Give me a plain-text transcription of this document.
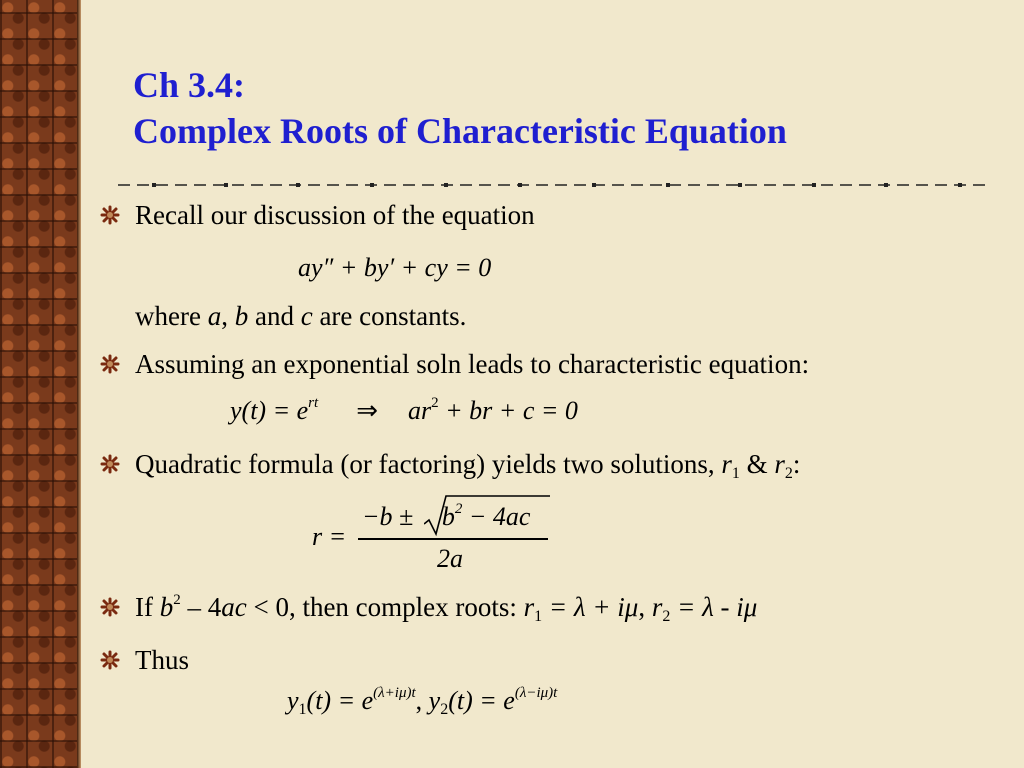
Ch 3.4:
Complex Roots of Characteristic Equation
Recall our discussion of the equation
ay″ + by′ + cy = 0
where a, b and c are constants.
Assuming an exponential soln leads to characteristic equation:
$y(t) = e^{rt}$ ⇒ $ar^2$ + br + c = 0
Quadratic formula (or factoring) yields two solutions, $r_1$ & $r_2$:
r =
$-b \pm b^2 - 4ac$
2a
If $b^2 - 4ac < 0$, then complex roots: $r_1 = \lambda + i\mu$, $r_2 = \lambda - i\mu$
Thus
$y_1(t) = e^{(\lambda+i\mu)t}$, $y_2(t) = e^{(\lambda-i\mu)t}$
